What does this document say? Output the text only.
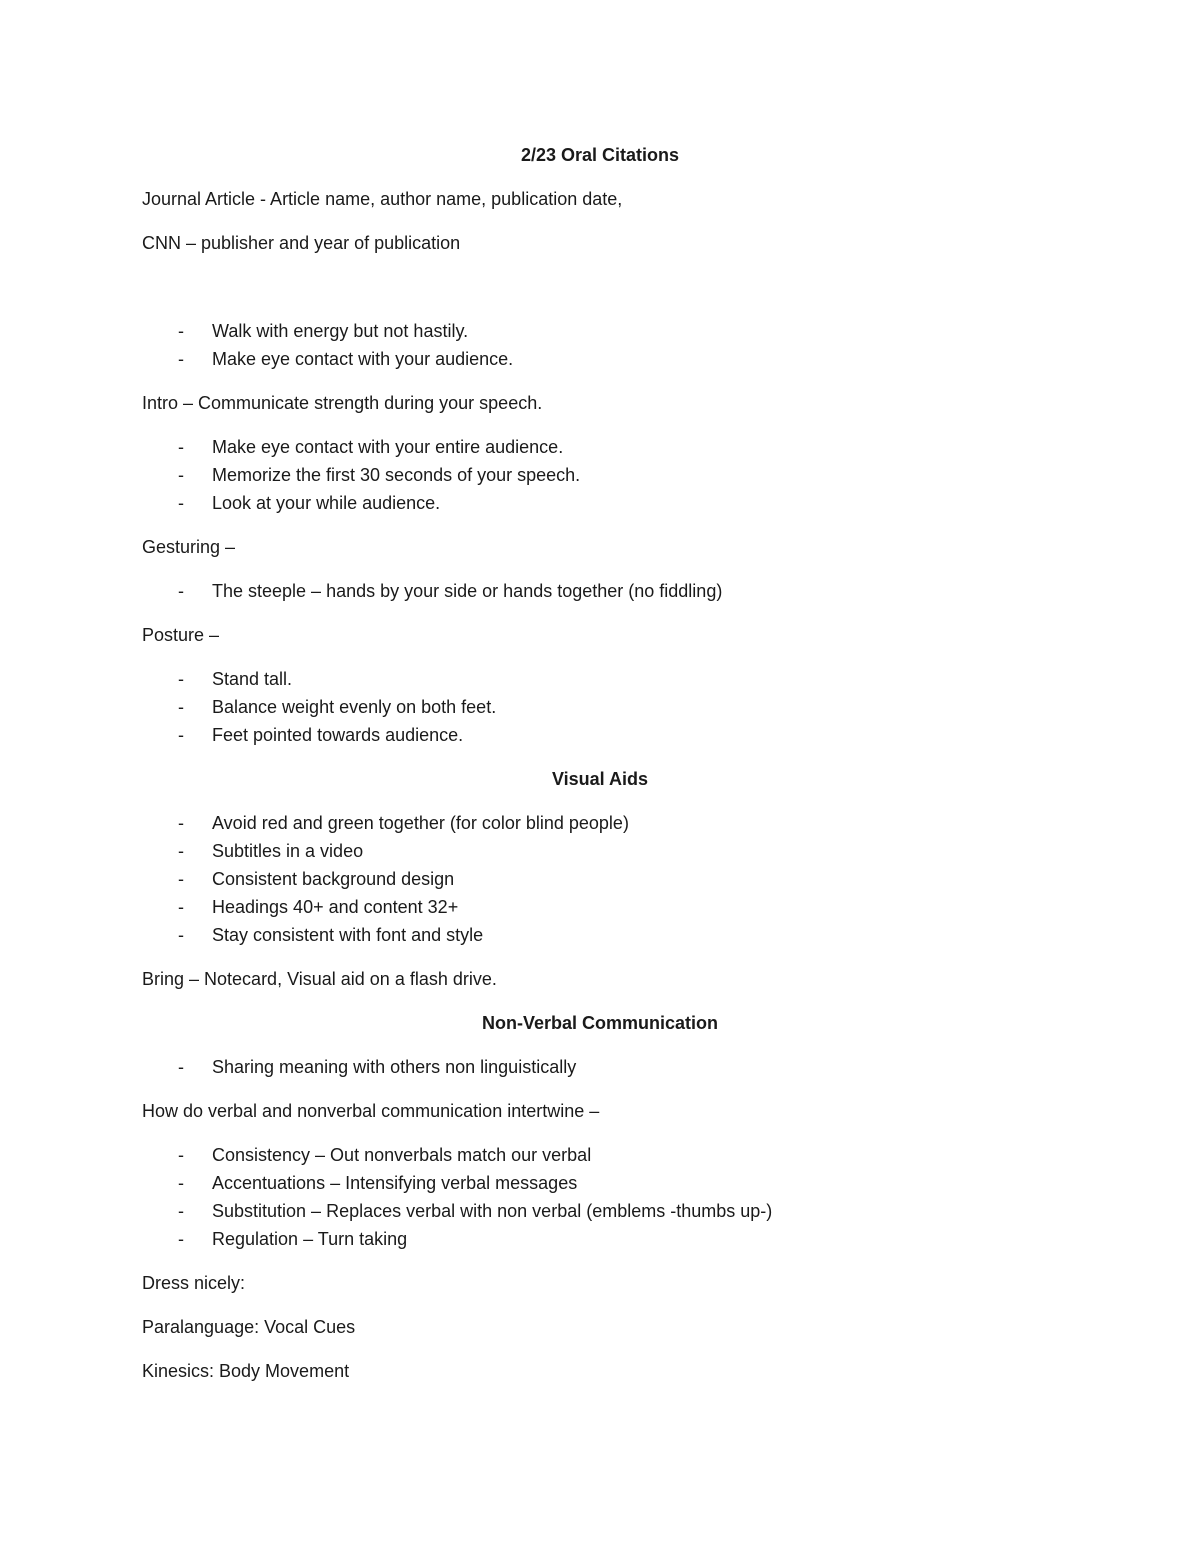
2/23 Oral Citations
Journal Article - Article name, author name, publication date,
CNN – publisher and year of publication
- Walk with energy but not hastily.
- Make eye contact with your audience.
Intro – Communicate strength during your speech.
- Make eye contact with your entire audience.
- Memorize the first 30 seconds of your speech.
- Look at your while audience.
Gesturing –
- The steeple – hands by your side or hands together (no fiddling)
Posture –
- Stand tall.
- Balance weight evenly on both feet.
- Feet pointed towards audience.
Visual Aids
- Avoid red and green together (for color blind people)
- Subtitles in a video
- Consistent background design
- Headings 40+ and content 32+
- Stay consistent with font and style
Bring – Notecard, Visual aid on a flash drive.
Non-Verbal Communication
- Sharing meaning with others non linguistically
How do verbal and nonverbal communication intertwine –
- Consistency – Out nonverbals match our verbal
- Accentuations – Intensifying verbal messages
- Substitution – Replaces verbal with non verbal (emblems -thumbs up-)
- Regulation – Turn taking
Dress nicely:
Paralanguage: Vocal Cues
Kinesics: Body Movement
